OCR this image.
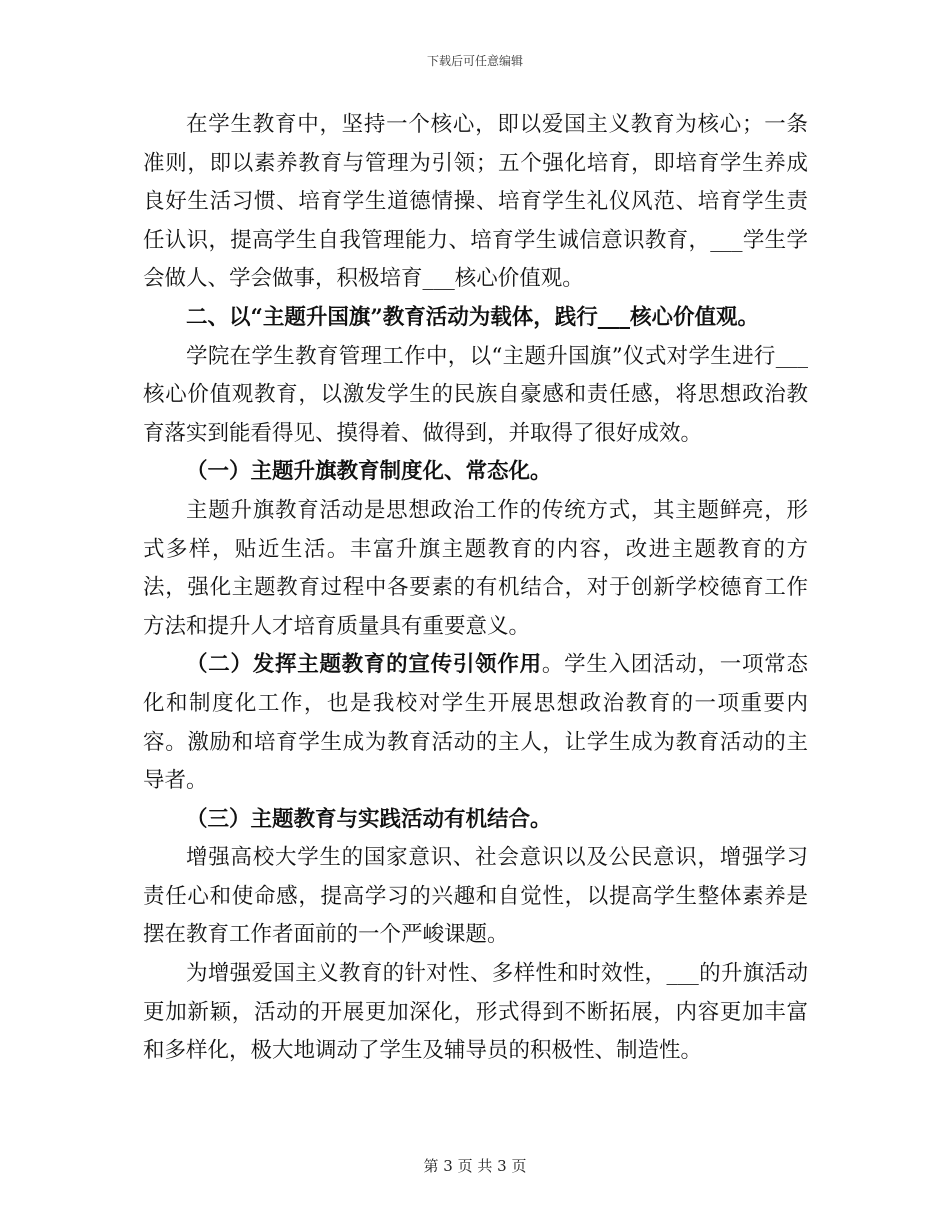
下载后可任意编辑

在学生教育中，坚持一个核心，即以爱国主义教育为核心；一条准则，即以素养教育与管理为引领；五个强化培育，即培育学生养成良好生活习惯、培育学生道德情操、培育学生礼仪风范、培育学生责任认识，提高学生自我管理能力、培育学生诚信意识教育，___学生学会做人、学会做事，积极培育___核心价值观。

二、以“主题升国旗”教育活动为载体，践行___核心价值观。

学院在学生教育管理工作中，以“主题升国旗”仪式对学生进行___核心价值观教育，以激发学生的民族自豪感和责任感，将思想政治教育落实到能看得见、摸得着、做得到，并取得了很好成效。

（一）主题升旗教育制度化、常态化。

主题升旗教育活动是思想政治工作的传统方式，其主题鲜亮，形式多样，贴近生活。丰富升旗主题教育的内容，改进主题教育的方法，强化主题教育过程中各要素的有机结合，对于创新学校德育工作方法和提升人才培育质量具有重要意义。

（二）发挥主题教育的宣传引领作用。学生入团活动，一项常态化和制度化工作，也是我校对学生开展思想政治教育的一项重要内容。激励和培育学生成为教育活动的主人，让学生成为教育活动的主导者。

（三）主题教育与实践活动有机结合。

增强高校大学生的国家意识、社会意识以及公民意识，增强学习责任心和使命感，提高学习的兴趣和自觉性，以提高学生整体素养是摆在教育工作者面前的一个严峻课题。

为增强爱国主义教育的针对性、多样性和时效性，___的升旗活动更加新颖，活动的开展更加深化，形式得到不断拓展，内容更加丰富和多样化，极大地调动了学生及辅导员的积极性、制造性。

第 3 页 共 3 页
